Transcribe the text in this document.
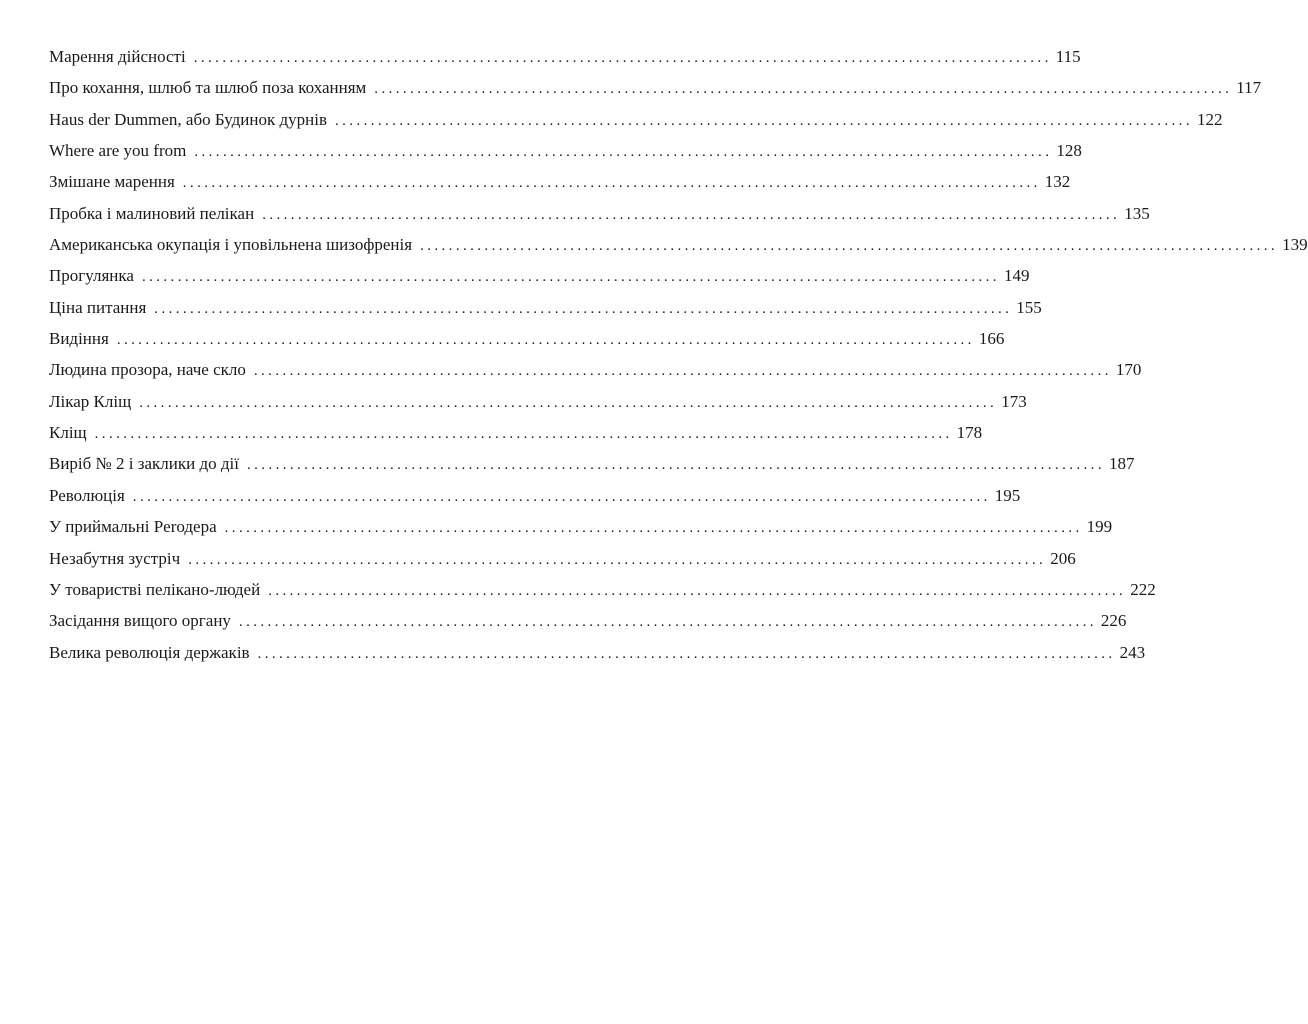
Марення дійсності ........................................................................................................................ 115
Про кохання, шлюб та шлюб поза коханням ........................................................................................................................ 117
Haus der Dummen, або Будинок дурнів ........................................................................................................................ 122
Where are you from ........................................................................................................................ 128
Змішане марення ........................................................................................................................ 132
Пробка і малиновий пелікан ........................................................................................................................ 135
Американська окупація і уповільнена шизофренія ........................................................................................................................ 139
Прогулянка ........................................................................................................................ 149
Ціна питання ........................................................................................................................ 155
Видіння ........................................................................................................................ 166
Людина прозора, наче скло ........................................................................................................................ 170
Лікар Кліщ ........................................................................................................................ 173
Кліщ ........................................................................................................................ 178
Виріб № 2 і заклики до дії ........................................................................................................................ 187
Революція ........................................................................................................................ 195
У приймальні Perодера ........................................................................................................................ 199
Незабутня зустріч ........................................................................................................................ 206
У товаристві пелікано-людей ........................................................................................................................ 222
Засідання вищого органу ........................................................................................................................ 226
Велика революція держаків ........................................................................................................................ 243
